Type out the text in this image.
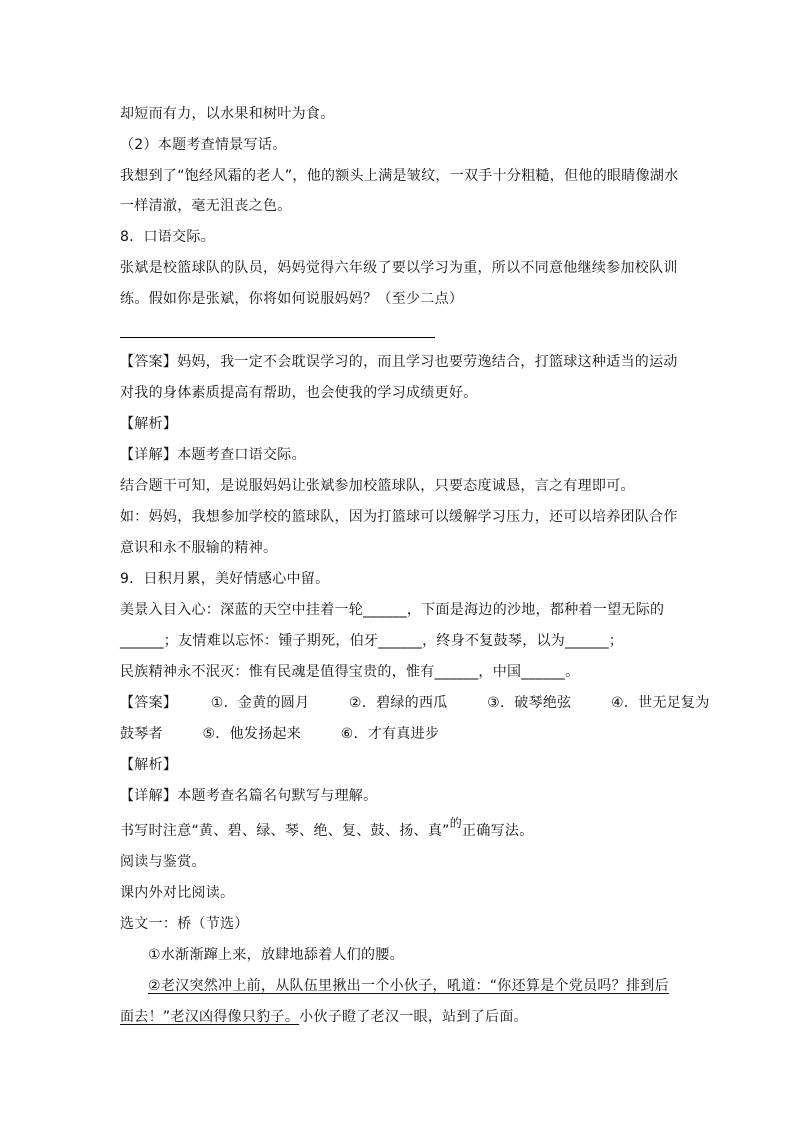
却短而有力，以水果和树叶为食。
（2）本题考查情景写话。
我想到了“饱经风霜的老人”，他的额头上满是皱纹，一双手十分粗糙，但他的眼睛像湖水
一样清澈，毫无沮丧之色。
8．口语交际。
张斌是校篮球队的队员，妈妈觉得六年级了要以学习为重，所以不同意他继续参加校队训
练。假如你是张斌，你将如何说服妈妈？（至少二点）
【答案】妈妈，我一定不会耽误学习的，而且学习也要劳逸结合，打篮球这种适当的运动
对我的身体素质提高有帮助，也会使我的学习成绩更好。
【解析】
【详解】本题考查口语交际。
结合题干可知，是说服妈妈让张斌参加校篮球队，只要态度诚恳，言之有理即可。
如：妈妈，我想参加学校的篮球队，因为打篮球可以缓解学习压力，还可以培养团队合作
意识和永不服输的精神。
9．日积月累，美好情感心中留。
美景入目入心：深蓝的天空中挂着一轮______，下面是海边的沙地，都种着一望无际的
______；友情难以忘怀：锺子期死，伯牙______，终身不复鼓琴，以为______；
民族精神永不泯灭：惟有民魂是值得宝贵的，惟有______，中国______。
【答案】 ①．金黄的圆月	②．碧绿的西瓜	③．破琴绝弦	④．世无足复为
鼓琴者	⑤．他发扬起来	⑥．才有真进步
【解析】
【详解】本题考查名篇名句默写与理解。
书写时注意“黄、碧、绿、琴、绝、复、鼓、扬、真”的正确写法。
阅读与鉴赏。
课内外对比阅读。
选文一：桥（节选）
①水渐渐蹿上来，放肆地舔着人们的腰。
②老汉突然冲上前，从队伍里揪出一个小伙子，吼道：“你还算是个党员吗？排到后
面去！”老汉凶得像只豹子。小伙子瞪了老汉一眼，站到了后面。
